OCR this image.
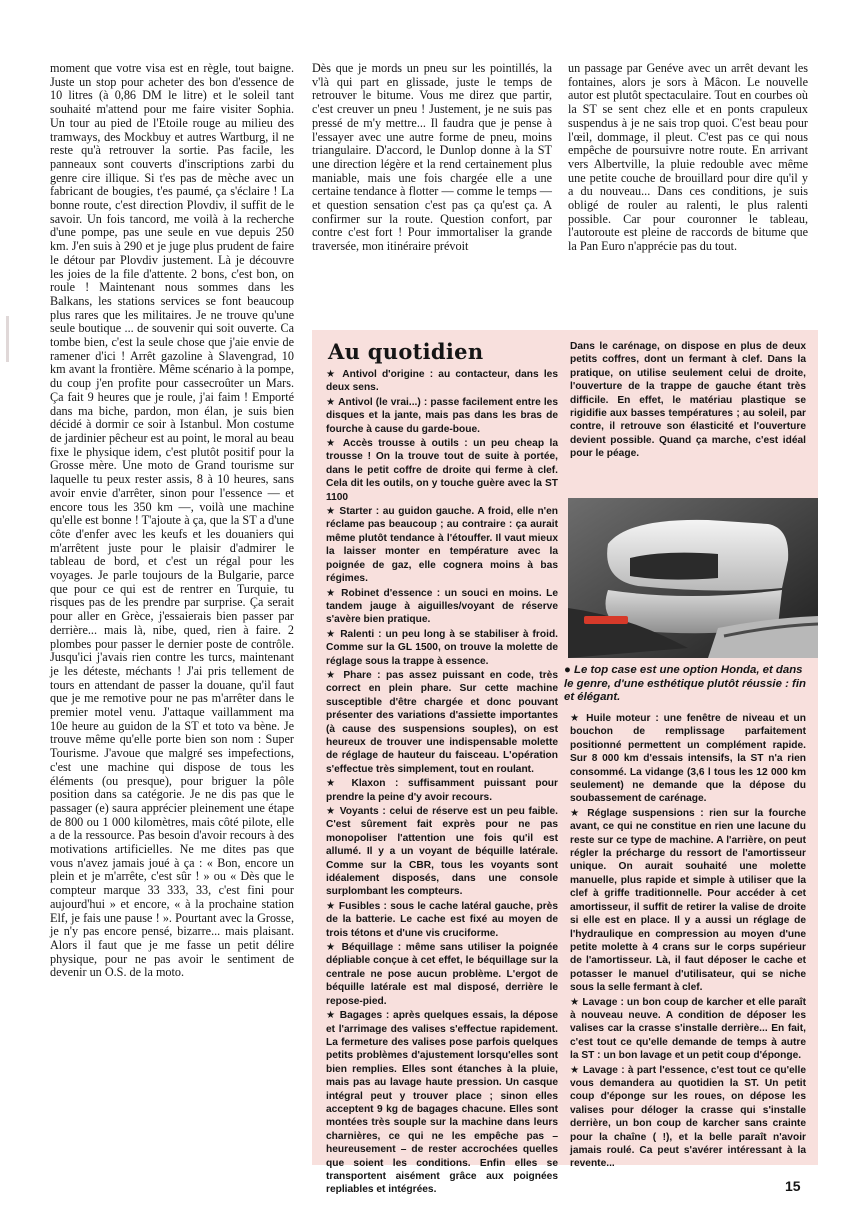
moment que votre visa est en règle, tout baigne. Juste un stop pour acheter des bon d'essence de 10 litres (à 0,86 DM le litre) et le soleil tant souhaité m'attend pour me faire visiter Sophia. Un tour au pied de l'Etoile rouge au milieu des tramways, des Mockbuy et autres Wartburg, il ne reste qu'à retrouver la sortie. Pas facile, les panneaux sont couverts d'inscriptions zarbi du genre cire illique. Si t'es pas de mèche avec un fabricant de bougies, t'es paumé, ça s'éclaire ! La bonne route, c'est direction Plovdiv, il suffit de le savoir. Un fois tancord, me voilà à la recherche d'une pompe, pas une seule en vue depuis 250 km. J'en suis à 290 et je juge plus prudent de faire le détour par Plovdiv justement. Là je découvre les joies de la file d'attente. 2 bons, c'est bon, on roule ! Maintenant nous sommes dans les Balkans, les stations services se font beaucoup plus rares que les militaires. Je ne trouve qu'une seule boutique ... de souvenir qui soit ouverte. Ca tombe bien, c'est la seule chose que j'aie envie de ramener d'ici ! Arrêt gazoline à Slavengrad, 10 km avant la frontière. Même scénario à la pompe, du coup j'en profite pour cassecroûter un Mars. Ça fait 9 heures que je roule, j'ai faim ! Emporté dans ma biche, pardon, mon élan, je suis bien décidé à dormir ce soir à Istanbul. Mon costume de jardinier pêcheur est au point, le moral au beau fixe le physique idem, c'est plutôt positif pour la Grosse mère. Une moto de Grand tourisme sur laquelle tu peux rester assis, 8 à 10 heures, sans avoir envie d'arrêter, sinon pour l'essence — et encore tous les 350 km —, voilà une machine qu'elle est bonne ! T'ajoute à ça, que la ST a d'une côte d'enfer avec les keufs et les douaniers qui m'arrêtent juste pour le plaisir d'admirer le tableau de bord, et c'est un régal pour les voyages. Je parle toujours de la Bulgarie, parce que pour ce qui est de rentrer en Turquie, tu risques pas de les prendre par surprise. Ça serait pour aller en Grèce, j'essaierais bien passer par derrière... mais là, nibe, qued, rien à faire. 2 plombes pour passer le dernier poste de contrôle. Jusqu'ici j'avais rien contre les turcs, maintenant je les déteste, méchants ! J'ai pris tellement de tours en attendant de passer la douane, qu'il faut que je me remotive pour ne pas m'arrêter dans le premier motel venu. J'attaque vaillamment ma 10e heure au guidon de la ST et toto va bène. Je trouve même qu'elle porte bien son nom : Super Tourisme. J'avoue que malgré ses impefections, c'est une machine qui dispose de tous les éléments (ou presque), pour briguer la pôle position dans sa catégorie. Je ne dis pas que le passager (e) saura apprécier pleinement une étape de 800 ou 1 000 kilomètres, mais côté pilote, elle a de la ressource. Pas besoin d'avoir recours à des motivations artificielles. Ne me dites pas que vous n'avez jamais joué à ça : « Bon, encore un plein et je m'arrête, c'est sûr ! » ou « Dès que le compteur marque 33 333, 33, c'est fini pour aujourd'hui » et encore, « à la prochaine station Elf, je fais une pause ! ». Pourtant avec la Grosse, je n'y pas encore pensé, bizarre... mais plaisant. Alors il faut que je me fasse un petit délire physique, pour ne pas avoir le sentiment de devenir un O.S. de la moto.

Dès que je mords un pneu sur les pointillés, la v'là qui part en glissade, juste le temps de retrouver le bitume. Vous me direz que partir, c'est creuver un pneu ! Justement, je ne suis pas pressé de m'y mettre... Il faudra que je pense à l'essayer avec une autre forme de pneu, moins triangulaire. D'accord, le Dunlop donne à la ST une direction légère et la rend certainement plus maniable, mais une fois chargée elle a une certaine tendance à flotter — comme le temps — et question sensation c'est pas ça qu'est ça. A confirmer sur la route. Question confort, par contre c'est fort ! Pour immortaliser la grande traversée, mon itinéraire prévoit

un passage par Genéve avec un arrêt devant les fontaines, alors je sors à Mâcon. Le nouvelle autor est plutôt spectaculaire. Tout en courbes où la ST se sent chez elle et en ponts crapuleux suspendus à je ne sais trop quoi. C'est beau pour l'œil, dommage, il pleut. C'est pas ce qui nous empêche de poursuivre notre route. En arrivant vers Albertville, la pluie redouble avec même une petite couche de brouillard pour dire qu'il y a du nouveau... Dans ces conditions, je suis obligé de rouler au ralenti, le plus ralenti possible. Car pour couronner le tableau, l'autoroute est pleine de raccords de bitume que la Pan Euro n'apprécie pas du tout.

Au quotidien

★ Antivol d'origine : au contacteur, dans les deux sens.

★ Antivol (le vrai...) : passe facilement entre les disques et la jante, mais pas dans les bras de fourche à cause du garde-boue.

★ Accès trousse à outils : un peu cheap la trousse ! On la trouve tout de suite à portée, dans le petit coffre de droite qui ferme à clef. Cela dit les outils, on y touche guère avec la ST 1100

★ Starter : au guidon gauche. A froid, elle n'en réclame pas beaucoup ; au contraire : ça aurait même plutôt tendance à l'étouffer. Il vaut mieux la laisser monter en température avec la poignée de gaz, elle cognera moins à bas régimes.

★ Robinet d'essence : un souci en moins. Le tandem jauge à aiguilles/voyant de réserve s'avère bien pratique.

★ Ralenti : un peu long à se stabiliser à froid. Comme sur la GL 1500, on trouve la molette de réglage sous la trappe à essence.

★ Phare : pas assez puissant en code, très correct en plein phare. Sur cette machine susceptible d'être chargée et donc pouvant présenter des variations d'assiette importantes (à cause des suspensions souples), on est heureux de trouver une indispensable molette de réglage de hauteur du faisceau. L'opération s'effectue très simplement, tout en roulant.

★ Klaxon : suffisamment puissant pour prendre la peine d'y avoir recours.

★ Voyants : celui de réserve est un peu faible. C'est sûrement fait exprès pour ne pas monopoliser l'attention une fois qu'il est allumé. Il y a un voyant de béquille latérale. Comme sur la CBR, tous les voyants sont idéalement disposés, dans une console surplombant les compteurs.

★ Fusibles : sous le cache latéral gauche, près de la batterie. Le cache est fixé au moyen de trois tétons et d'une vis cruciforme.

★ Béquillage : même sans utiliser la poignée dépliable conçue à cet effet, le béquillage sur la centrale ne pose aucun problème. L'ergot de béquille latérale est mal disposé, derrière le repose-pied.

★ Bagages : après quelques essais, la dépose et l'arrimage des valises s'effectue rapidement. La fermeture des valises pose parfois quelques petits problèmes d'ajustement lorsqu'elles sont bien remplies. Elles sont étanches à la pluie, mais pas au lavage haute pression. Un casque intégral peut y trouver place ; sinon elles acceptent 9 kg de bagages chacune. Elles sont montées très souple sur la machine dans leurs charnières, ce qui ne les empêche pas – heureusement – de rester accrochées quelles que soient les conditions. Enfin elles se transportent aisément grâce aux poignées repliables et intégrées.

Dans le carénage, on dispose en plus de deux petits coffres, dont un fermant à clef. Dans la pratique, on utilise seulement celui de droite, l'ouverture de la trappe de gauche étant très difficile. En effet, le matériau plastique se rigidifie aux basses températures ; au soleil, par contre, il retrouve son élasticité et l'ouverture devient possible. Quand ça marche, c'est idéal pour le péage.

★ Huile moteur : une fenêtre de niveau et un bouchon de remplissage parfaitement positionné permettent un complément rapide. Sur 8 000 km d'essais intensifs, la ST n'a rien consommé. La vidange (3,6 l tous les 12 000 km seulement) ne demande que la dépose du soubassement de carénage.

★ Réglage suspensions : rien sur la fourche avant, ce qui ne constitue en rien une lacune du reste sur ce type de machine. A l'arrière, on peut régler la précharge du ressort de l'amortisseur unique. On aurait souhaité une molette manuelle, plus rapide et simple à utiliser que la clef à griffe traditionnelle. Pour accéder à cet amortisseur, il suffit de retirer la valise de droite si elle est en place. Il y a aussi un réglage de l'hydraulique en compression au moyen d'une petite molette à 4 crans sur le corps supérieur de l'amortisseur. Là, il faut déposer le cache et potasser le manuel d'utilisateur, qui se niche sous la selle fermant à clef.

★ Lavage : un bon coup de karcher et elle paraît à nouveau neuve. A condition de déposer les valises car la crasse s'installe derrière... En fait, c'est tout ce qu'elle demande de temps à autre la ST : un bon lavage et un petit coup d'éponge.

★ Lavage : à part l'essence, c'est tout ce qu'elle vous demandera au quotidien la ST. Un petit coup d'éponge sur les roues, on dépose les valises pour déloger la crasse qui s'installe derrière, un bon coup de karcher sans crainte pour la chaîne ( !), et la belle paraît n'avoir jamais roulé. Ca peut s'avérer intéressant à la revente...

● Le top case est une option Honda, et dans le genre, d'une esthétique plutôt réussie : fin et élégant.
15
